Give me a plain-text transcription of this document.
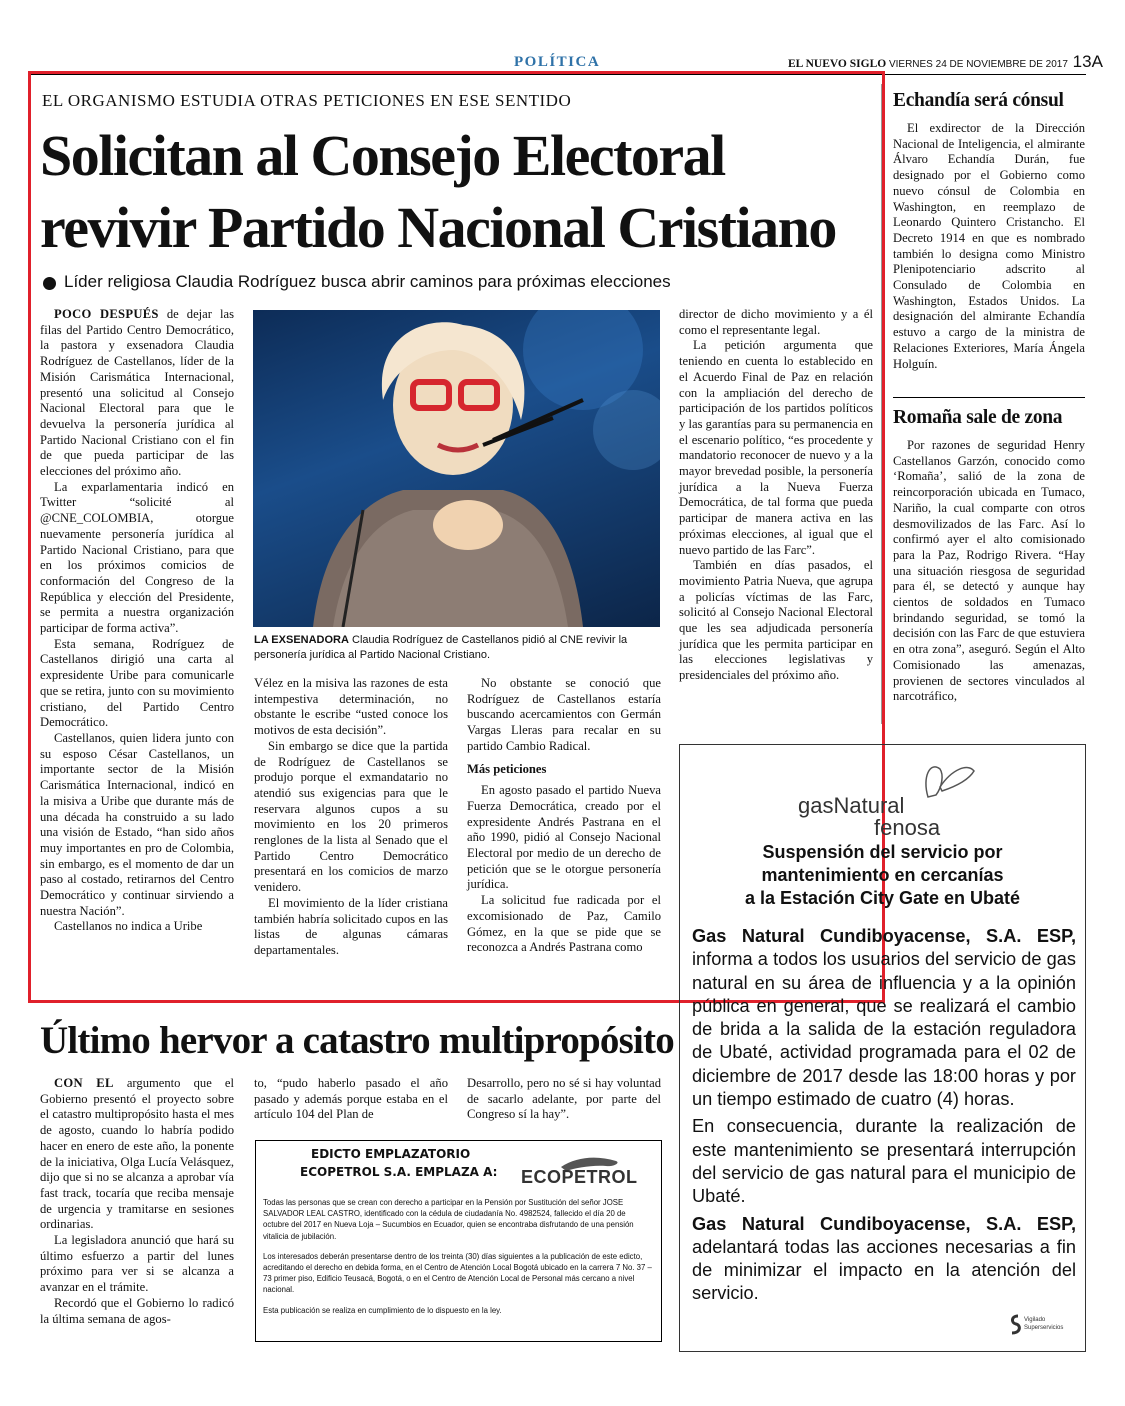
POLÍTICA	EL NUEVO SIGLO VIERNES 24 DE NOVIEMBRE DE 2017 13A
EL ORGANISMO ESTUDIA OTRAS PETICIONES EN ESE SENTIDO
Solicitan al Consejo Electoral
revivir Partido Nacional Cristiano
Líder religiosa Claudia Rodríguez busca abrir caminos para próximas elecciones

POCO DESPUÉS de dejar las filas del Partido Centro Democrático, la pastora y exsenadora Claudia Rodríguez de Castellanos, líder de la Misión Carismática Internacional, presentó una solicitud al Consejo Nacional Electoral para que le devuelva la personería jurídica al Partido Nacional Cristiano con el fin de que pueda participar de las elecciones del próximo año.

La exparlamentaria indicó en Twitter “solicité al @CNE_COLOMBIA, otorgue nuevamente personería jurídica al Partido Nacional Cristiano, para que en los próximos comicios de conformación del Congreso de la República y elección del Presidente, se permita a nuestra organización participar de forma activa”.

Esta semana, Rodríguez de Castellanos dirigió una carta al expresidente Uribe para comunicarle que se retira, junto con su movimiento cristiano, del Partido Centro Democrático.

Castellanos, quien lidera junto con su esposo César Castellanos, un importante sector de la Misión Carismática Internacional, indicó en la misiva a Uribe que durante más de una década ha construido a su lado una visión de Estado, “han sido años muy importantes en pro de Colombia, sin embargo, es el momento de dar un paso al costado, retirarnos del Centro Democrático y continuar sirviendo a nuestra Nación”.

Castellanos no indica a Uribe

LA EXSENADORA Claudia Rodríguez de Castellanos pidió al CNE revivir la personería jurídica al Partido Nacional Cristiano.

Vélez en la misiva las razones de esta intempestiva determinación, no obstante le escribe “usted conoce los motivos de esta decisión”.

Sin embargo se dice que la partida de Rodríguez de Castellanos se produjo porque el exmandatario no atendió sus exigencias para que le reservara algunos cupos a su movimiento en los 20 primeros renglones de la lista al Senado que el Partido Centro Democrático presentará en los comicios de marzo venidero.

El movimiento de la líder cristiana también habría solicitado cupos en las listas de algunas cámaras departamentales.

No obstante se conoció que Rodríguez de Castellanos estaría buscando acercamientos con Germán Vargas Lleras para recalar en su partido Cambio Radical.

Más peticiones

En agosto pasado el partido Nueva Fuerza Democrática, creado por el expresidente Andrés Pastrana en el año 1990, pidió al Consejo Nacional Electoral por medio de un derecho de petición que se le otorgue personería jurídica.

La solicitud fue radicada por el excomisionado de Paz, Camilo Gómez, en la que se pide que se reconozca a Andrés Pastrana como

director de dicho movimiento y a él como el representante legal.

La petición argumenta que teniendo en cuenta lo establecido en el Acuerdo Final de Paz en relación con la ampliación del derecho de participación de los partidos políticos y las garantías para su permanencia en el escenario político, “es procedente y mandatorio reconocer de nuevo y a la mayor brevedad posible, la personería jurídica a la Nueva Fuerza Democrática, de tal forma que pueda participar de manera activa en las próximas elecciones, al igual que el nuevo partido de las Farc”.

También en días pasados, el movimiento Patria Nueva, que agrupa a policías víctimas de las Farc, solicitó al Consejo Nacional Electoral que les sea adjudicada personería jurídica que les permita participar en las elecciones legislativas y presidenciales del próximo año.

Echandía será cónsul

El exdirector de la Dirección Nacional de Inteligencia, el almirante Álvaro Echandía Durán, fue designado por el Gobierno como nuevo cónsul de Colombia en Washington, en reemplazo de Leonardo Quintero Cristancho. El Decreto 1914 en que es nombrado también lo designa como Ministro Plenipotenciario adscrito al Consulado de Colombia en Washington, Estados Unidos. La designación del almirante Echandía estuvo a cargo de la ministra de Relaciones Exteriores, María Ángela Holguín.

Romaña sale de zona

Por razones de seguridad Henry Castellanos Garzón, conocido como ‘Romaña’, salió de la zona de reincorporación ubicada en Tumaco, Nariño, la cual comparte con otros desmovilizados de las Farc. Así lo confirmó ayer el alto comisionado para la Paz, Rodrigo Rivera. “Hay una situación riesgosa de seguridad para él, se detectó y aunque hay cientos de soldados en Tumaco brindando seguridad, se tomó la decisión con las Farc de que estuviera en otra zona”, aseguró. Según el Alto Comisionado las amenazas, provienen de sectores vinculados al narcotráfico,

Último hervor a catastro multipropósito

CON EL argumento que el Gobierno presentó el proyecto sobre el catastro multipropósito hasta el mes de agosto, cuando lo habría podido hacer en enero de este año, la ponente de la iniciativa, Olga Lucía Velásquez, dijo que si no se alcanza a aprobar vía fast track, tocaría que reciba mensaje de urgencia y tramitarse en sesiones ordinarias.

La legisladora anunció que hará su último esfuerzo a partir del lunes próximo para ver si se alcanza a avanzar en el trámite.

Recordó que el Gobierno lo radicó la última semana de agos-

to, “pudo haberlo pasado el año pasado y además porque estaba en el artículo 104 del Plan de

Desarrollo, pero no sé si hay voluntad de sacarlo adelante, por parte del Congreso sí la hay”.

EDICTO EMPLAZATORIO
ECOPETROL S.A. EMPLAZA A: ECOPETROL

Todas las personas que se crean con derecho a participar en la Pensión por Sustitución del señor JOSE SALVADOR LEAL CASTRO, identificado con la cédula de ciudadanía No. 4982524, fallecido el día 20 de octubre del 2017 en Nueva Loja – Sucumbios en Ecuador, quien se encontraba disfrutando de una pensión vitalicia de jubilación.

Los interesados deberán presentarse dentro de los treinta (30) días siguientes a la publicación de este edicto, acreditando el derecho en debida forma, en el Centro de Atención Local Bogotá ubicado en la carrera 7 No. 37 – 73 primer piso, Edificio Teusacá, Bogotá, o en el Centro de Atención Local de Personal más cercano a nivel nacional.

Esta publicación se realiza en cumplimiento de lo dispuesto en la ley.

gasNatural
fenosa
Suspensión del servicio por
mantenimiento en cercanías
a la Estación City Gate en Ubaté

Gas Natural Cundiboyacense, S.A. ESP, informa a todos los usuarios del servicio de gas natural en su área de influencia y a la opinión pública en general, que se realizará el cambio de brida a la salida de la estación reguladora de Ubaté, actividad programada para el 02 de diciembre de 2017 desde las 18:00 horas y por un tiempo estimado de cuatro (4) horas.

En consecuencia, durante la realización de este mantenimiento se presentará interrupción del servicio de gas natural para el municipio de Ubaté.

Gas Natural Cundiboyacense, S.A. ESP, adelantará todas las acciones necesarias a fin de minimizar el impacto en la atención del servicio.

Vigilado
Superservicios
